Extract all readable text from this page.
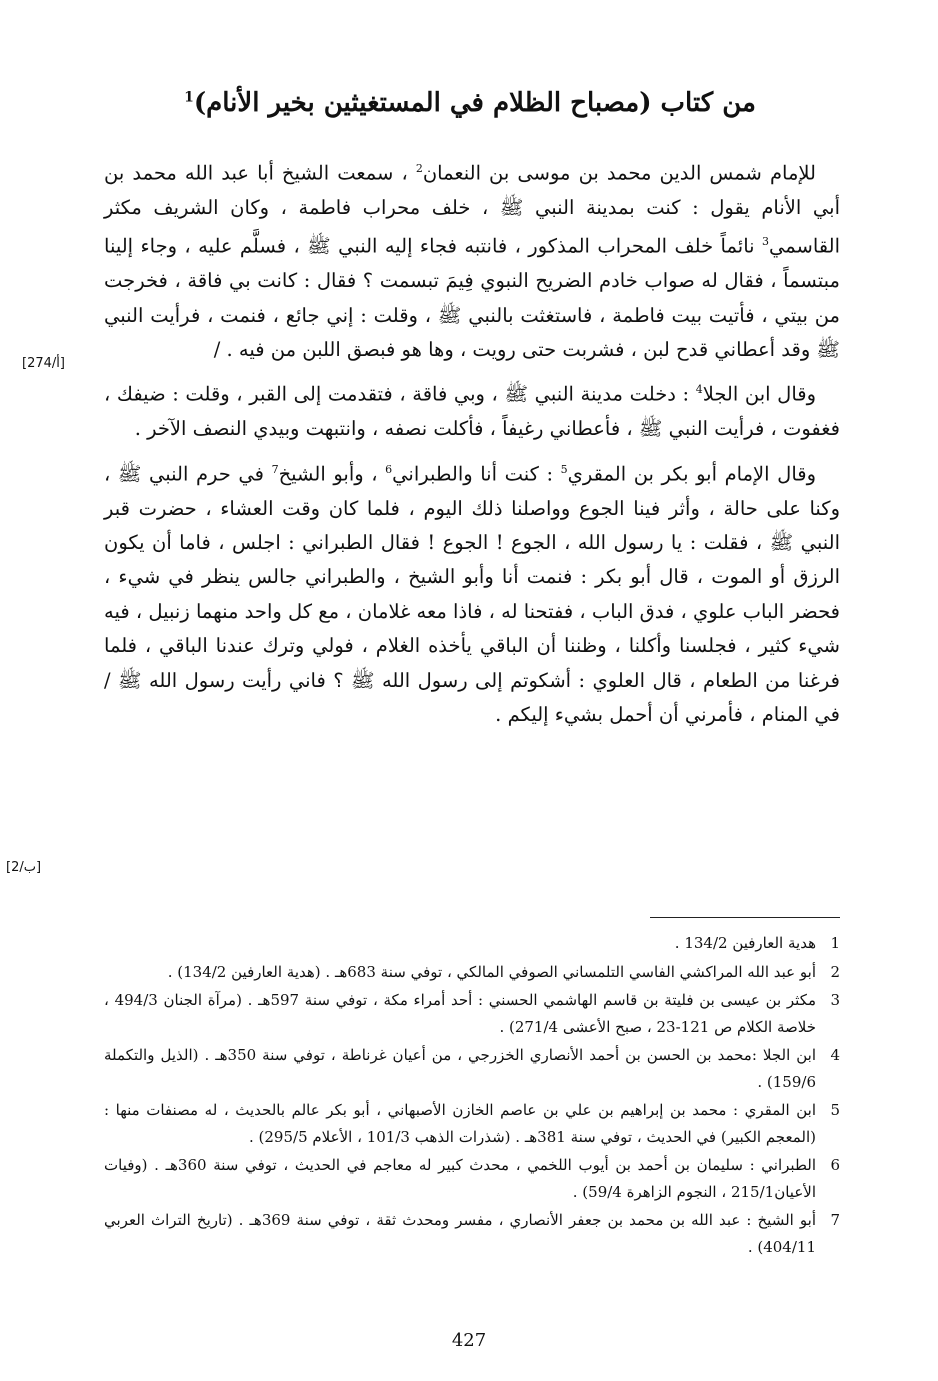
من كتاب (مصباح الظلام في المستغيثين بخير الأنام)$^1$

للإمام شمس الدين محمد بن موسى بن النعمان$^2$ ، سمعت الشيخ أبا عبد الله محمد بن أبي الأنام يقول : كنت بمدينة النبي ﷺ ، خلف محراب فاطمة ، وكان الشريف مكثر القاسمي$^3$ نائماً خلف المحراب المذكور ، فانتبه فجاء إليه النبي ﷺ ، فسلَّم عليه ، وجاء إلينا مبتسماً ، فقال له صواب خادم الضريح النبوي فِيمَ تبسمت ؟ فقال : كانت بي فاقة ، فخرجت من بيتي ، فأتيت بيت فاطمة ، فاستغثت بالنبي ﷺ ، وقلت : إني جائع ، فنمت ، فرأيت النبي ﷺ وقد أعطاني قدح لبن ، فشربت حتى رويت ، وها هو فبصق اللبن من فيه . /

وقال ابن الجلا$^4$ : دخلت مدينة النبي ﷺ ، وبي فاقة ، فتقدمت إلى القبر ، وقلت : ضيفك ، فغفوت ، فرأيت النبي ﷺ ، فأعطاني رغيفاً ، فأكلت نصفه ، وانتبهت وبيدي النصف الآخر .

وقال الإمام أبو بكر بن المقري$^5$ : كنت أنا والطبراني$^6$ ، وأبو الشيخ$^7$ في حرم النبي ﷺ ، وكنا على حالة ، وأثر فينا الجوع وواصلنا ذلك اليوم ، فلما كان وقت العشاء ، حضرت قبر النبي ﷺ ، فقلت : يا رسول الله ، الجوع ! الجوع ! فقال الطبراني : اجلس ، فاما أن يكون الرزق أو الموت ، قال أبو بكر : فنمت أنا وأبو الشيخ ، والطبراني جالس ينظر في شيء ، فحضر الباب علوي ، فدق الباب ، ففتحنا له ، فاذا معه غلامان ، مع كل واحد منهما زنبيل ، فيه شيء كثير ، فجلسنا وأكلنا ، وظننا أن الباقي يأخذه الغلام ، فولي وترك عندنا الباقي ، فلما فرغنا من الطعام ، قال العلوي : أشكوتم إلى رسول الله ﷺ ؟ فاني رأيت رسول الله ﷺ / في المنام ، فأمرني أن أحمل بشيء إليكم .

[274/أ]
[2/ب]
1
هدية العارفين 134/2 .
2
أبو عبد الله المراكشي الفاسي التلمساني الصوفي المالكي ، توفي سنة 683هـ . (هدية العارفين 134/2) .
3
مكثر بن عيسى بن فليتة بن قاسم الهاشمي الحسني : أحد أمراء مكة ، توفي سنة 597هـ . (مرآة الجنان 494/3 ، خلاصة الكلام ص 121-23 ، صبح الأعشى 271/4) .
4
ابن الجلا :محمد بن الحسن بن أحمد الأنصاري الخزرجي ، من أعيان غرناطة ، توفي سنة 350هـ . (الذيل والتكملة 159/6) .
5
ابن المقري : محمد بن إبراهيم بن علي بن عاصم الخازن الأصبهاني ، أبو بكر عالم بالحديث ، له مصنفات منها : (المعجم الكبير) في الحديث ، توفي سنة 381هـ . (شذرات الذهب 101/3 ، الأعلام 295/5) .
6
الطبراني : سليمان بن أحمد بن أيوب اللخمي ، محدث كبير له معاجم في الحديث ، توفي سنة 360هـ . (وفيات الأعيان215/1 ، النجوم الزاهرة 59/4) .
7
أبو الشيخ : عبد الله بن محمد بن جعفر الأنصاري ، مفسر ومحدث ثقة ، توفي سنة 369هـ . (تاريخ التراث العربي 404/11) .
427
